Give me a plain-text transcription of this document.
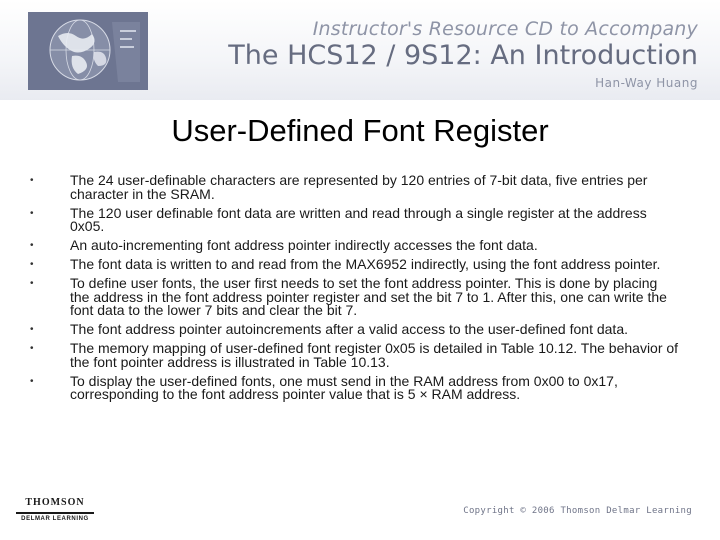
Instructor's Resource CD to Accompany
The HCS12 / 9S12: An Introduction
Han-Way Huang
User-Defined Font Register
•	The 24 user-definable characters are represented by 120 entries of 7-bit data, five entries per character in the SRAM.
•	The 120 user definable font data are written and read through a single register at the address 0x05.
•	An auto-incrementing font address pointer indirectly accesses the font data.
•	The font data is written to and read from the MAX6952 indirectly, using the font address pointer.
•	To define user fonts, the user first needs to set the font address pointer. This is done by placing the address in the font address pointer register and set the bit 7 to 1. After this, one can write the font data to the lower 7 bits and clear the bit 7.
•	The font address pointer autoincrements after a valid access to the user-defined font data.
•	The memory mapping of user-defined font register 0x05 is detailed in Table 10.12. The behavior of the font pointer address is illustrated in Table 10.13.
•	To display the user-defined fonts, one must send in the RAM address from 0x00 to 0x17, corresponding to the font address pointer value that is 5 × RAM address.
THOMSON
DELMAR LEARNING
Copyright © 2006 Thomson Delmar Learning
